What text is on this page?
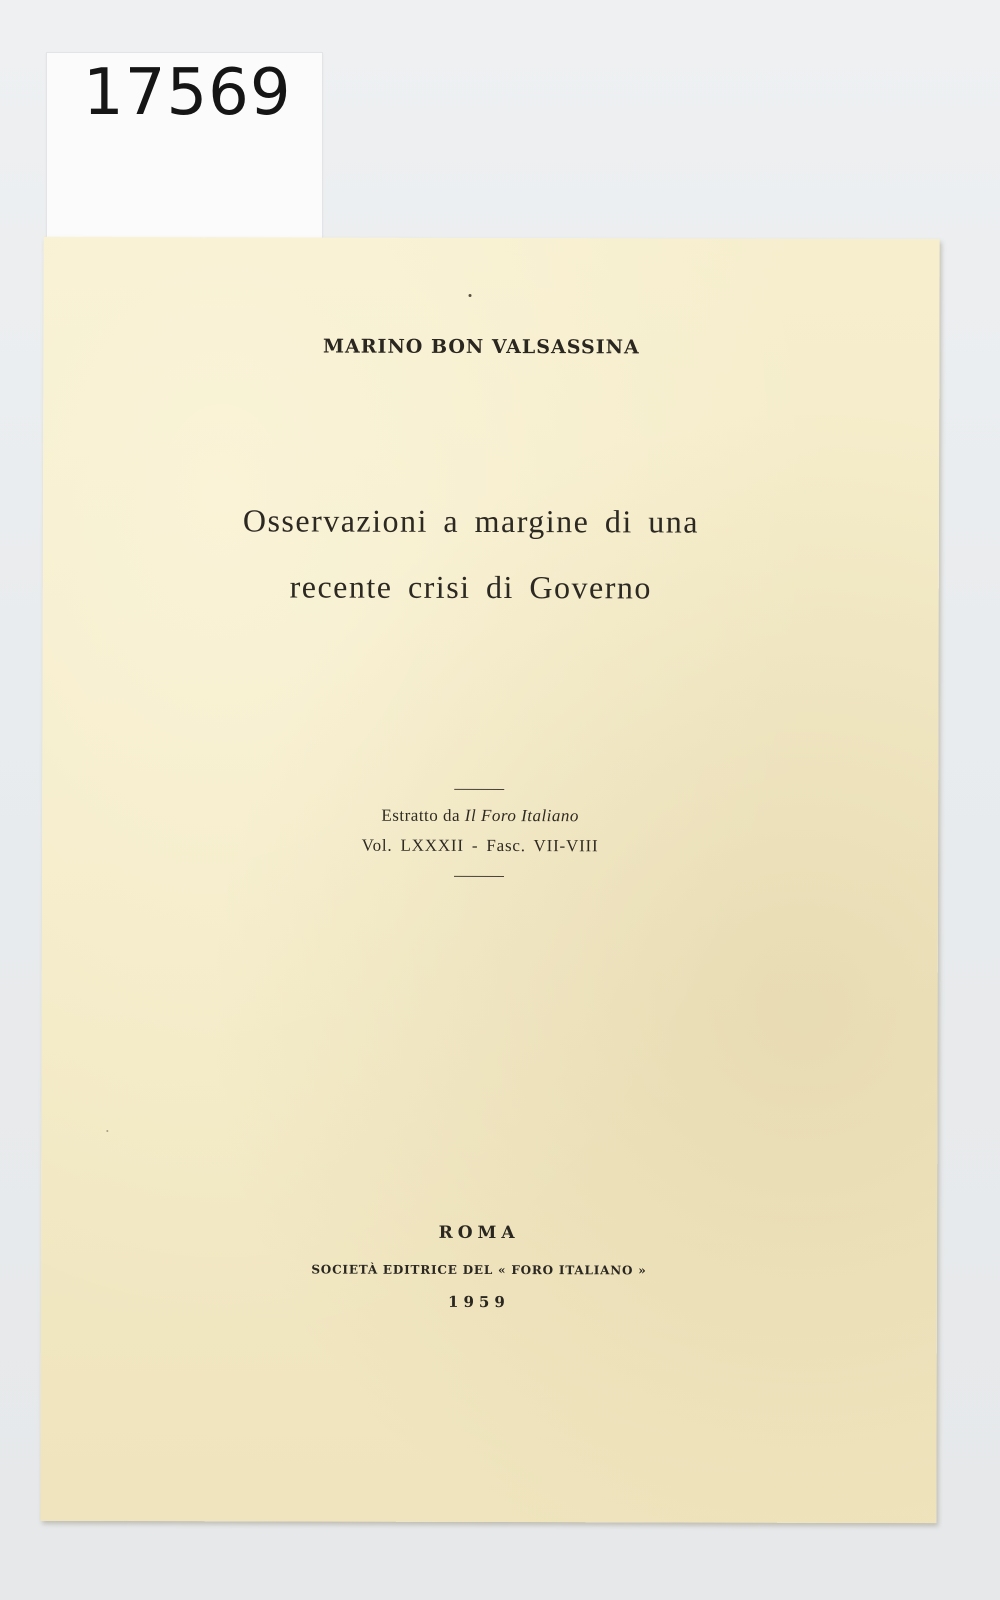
17569
MARINO BON VALSASSINA
Osservazioni a margine di una
recente crisi di Governo
Estratto da Il Foro Italiano
Vol. LXXXII - Fasc. VII-VIII
ROMA
SOCIETÀ EDITRICE DEL « FORO ITALIANO »
1959
